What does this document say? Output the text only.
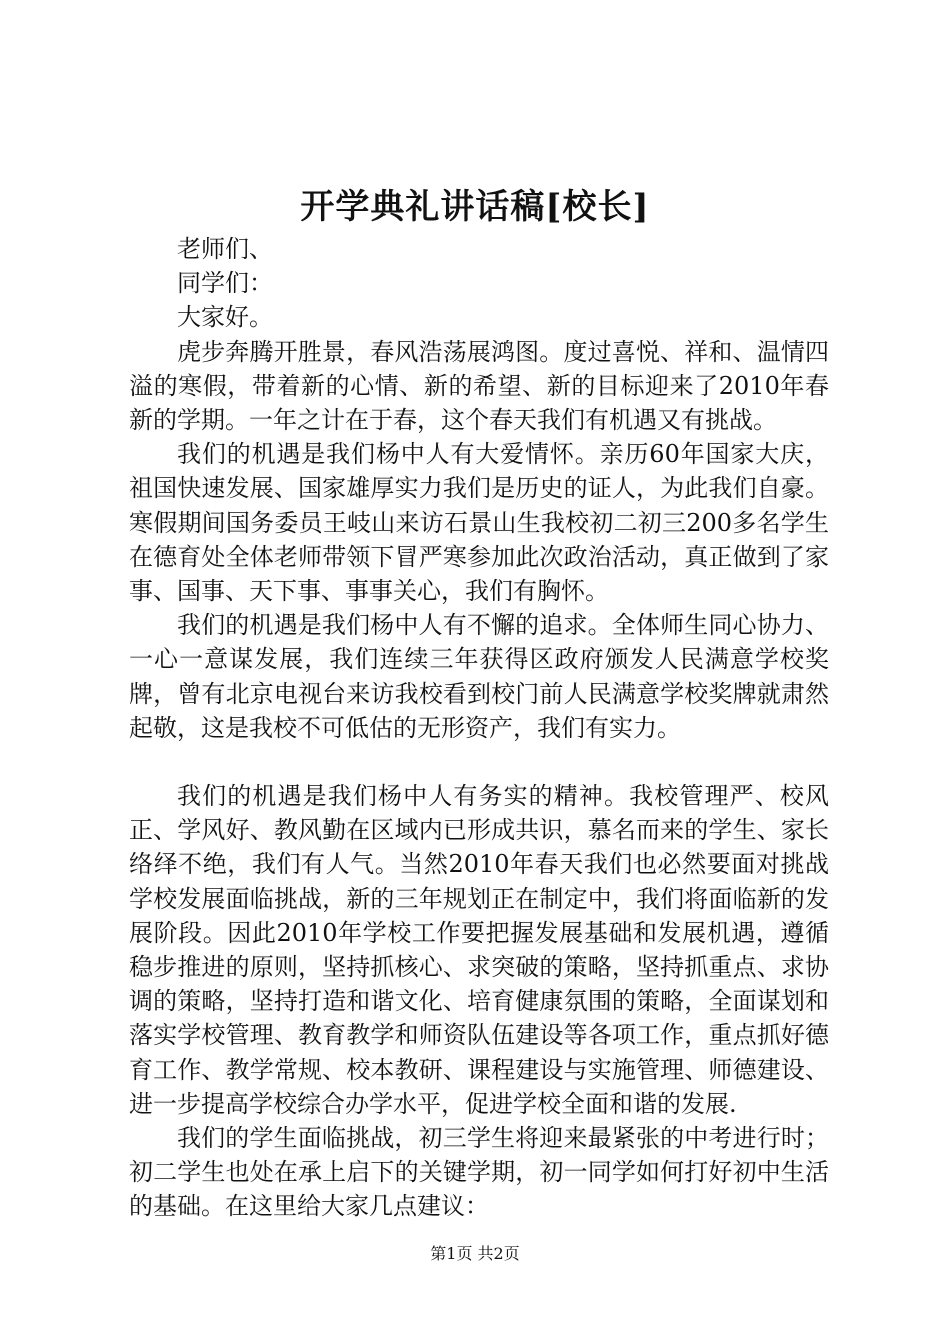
开学典礼讲话稿[校长]

老师们、

同学们：

大家好。

虎步奔腾开胜景，春风浩荡展鸿图。度过喜悦、祥和、温情四溢的寒假，带着新的心情、新的希望、新的目标迎来了2010年春新的学期。一年之计在于春，这个春天我们有机遇又有挑战。

我们的机遇是我们杨中人有大爱情怀。亲历60年国家大庆，祖国快速发展、国家雄厚实力我们是历史的证人，为此我们自豪。寒假期间国务委员王岐山来访石景山生我校初二初三200多名学生在德育处全体老师带领下冒严寒参加此次政治活动，真正做到了家事、国事、天下事、事事关心，我们有胸怀。

我们的机遇是我们杨中人有不懈的追求。全体师生同心协力、一心一意谋发展，我们连续三年获得区政府颁发人民满意学校奖牌，曾有北京电视台来访我校看到校门前人民满意学校奖牌就肃然起敬，这是我校不可低估的无形资产，我们有实力。

我们的机遇是我们杨中人有务实的精神。我校管理严、校风正、学风好、教风勤在区域内已形成共识，慕名而来的学生、家长络绎不绝，我们有人气。当然2010年春天我们也必然要面对挑战学校发展面临挑战，新的三年规划正在制定中，我们将面临新的发展阶段。因此2010年学校工作要把握发展基础和发展机遇，遵循稳步推进的原则，坚持抓核心、求突破的策略，坚持抓重点、求协调的策略，坚持打造和谐文化、培育健康氛围的策略，全面谋划和落实学校管理、教育教学和师资队伍建设等各项工作，重点抓好德育工作、教学常规、校本教研、课程建设与实施管理、师德建设、进一步提高学校综合办学水平，促进学校全面和谐的发展.

我们的学生面临挑战，初三学生将迎来最紧张的中考进行时；初二学生也处在承上启下的关键学期，初一同学如何打好初中生活的基础。在这里给大家几点建议：

第1页 共2页
